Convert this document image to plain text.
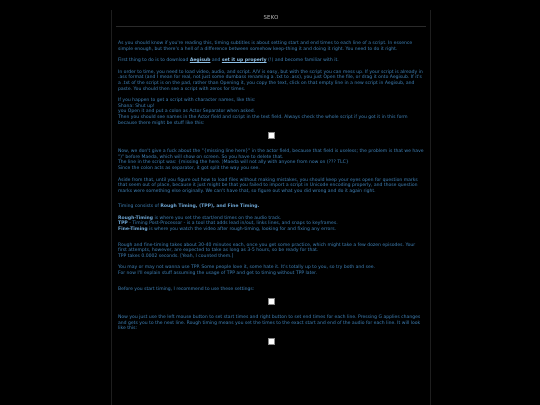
SEKO

As you should know if you're reading this, timing subtitles is about setting start and end times to each line of a script. In essence simple enough, but there's a hell of a difference between somehow keep-thing it and doing it right. You need to do it right.

First thing to do is to download Aegisub and set it up properly (!) and become familiar with it.

In order to time, you need to load video, audio, and script. A/V is easy, but with the script you can mess up. If your script is already in .ass format (and I mean for real, not just some dumbass renaming a .txt to .ass), you just Open the file, or drag it onto Aegisub. If it's a .txt of the script is on the pad, rather than Opening it, you copy the text, click on that empty line in a new script in Aegisub, and paste. You should then see a script with zeros for times.

If you happen to get a script with character names, like this:

Shana: Shut up!

you Open it and put a colon as Actor Separator when asked.

Then you should see names in the Actor field and script in the text field. Always check the whole script if you got it in this form because there might be stuff like this:

Now, we don't give a fuck about the "{missing line here}" in the actor field, because that field is useless; the problem is that we have ")" before Maeda, which will show on screen. So you have to delete that.

The line in the script was: {missing the here. )Maeda will not ally with anyone from now on (??? TLC}

Since the colon acts as separator, it got split the way you see.

Aside from that, until you figure out how to load files without making mistakes, you should keep your eyes open for question marks that seem out of place, because it just might be that you failed to import a script in Unicode encoding properly, and those question marks were something else originally. We can't have that, so figure out what you did wrong and do it again right.

Timing consists of Rough Timing, (TPP), and Fine Timing.

Rough-Timing is where you set the start/end times on the audio track.

TPP - Timing Post-Processor - is a tool that adds lead in/out, links lines, and snaps to keyframes.

Fine-Timing is where you watch the video after rough-timing, looking for and fixing any errors.

Rough and fine-timing takes about 30-40 minutes each, once you get some practice, which might take a few dozen episodes. Your first attempts, however, are expected to take as long as 3-5 hours, so be ready for that.

TPP takes 0.0002 seconds. [Yeah, I counted them.]

You may or may not wanna use TPP. Some people love it, some hate it. It's totally up to you, so try both and see.

For now I'll explain stuff assuming the usage of TPP and get to timing without TPP later.

Before you start timing, I recommend to use these settings:

Now you just use the left mouse button to set start times and right button to set end times for each line. Pressing G applies changes and gets you to the next line. Rough timing means you set the times to the exact start and end of the audio for each line. It will look like this:
